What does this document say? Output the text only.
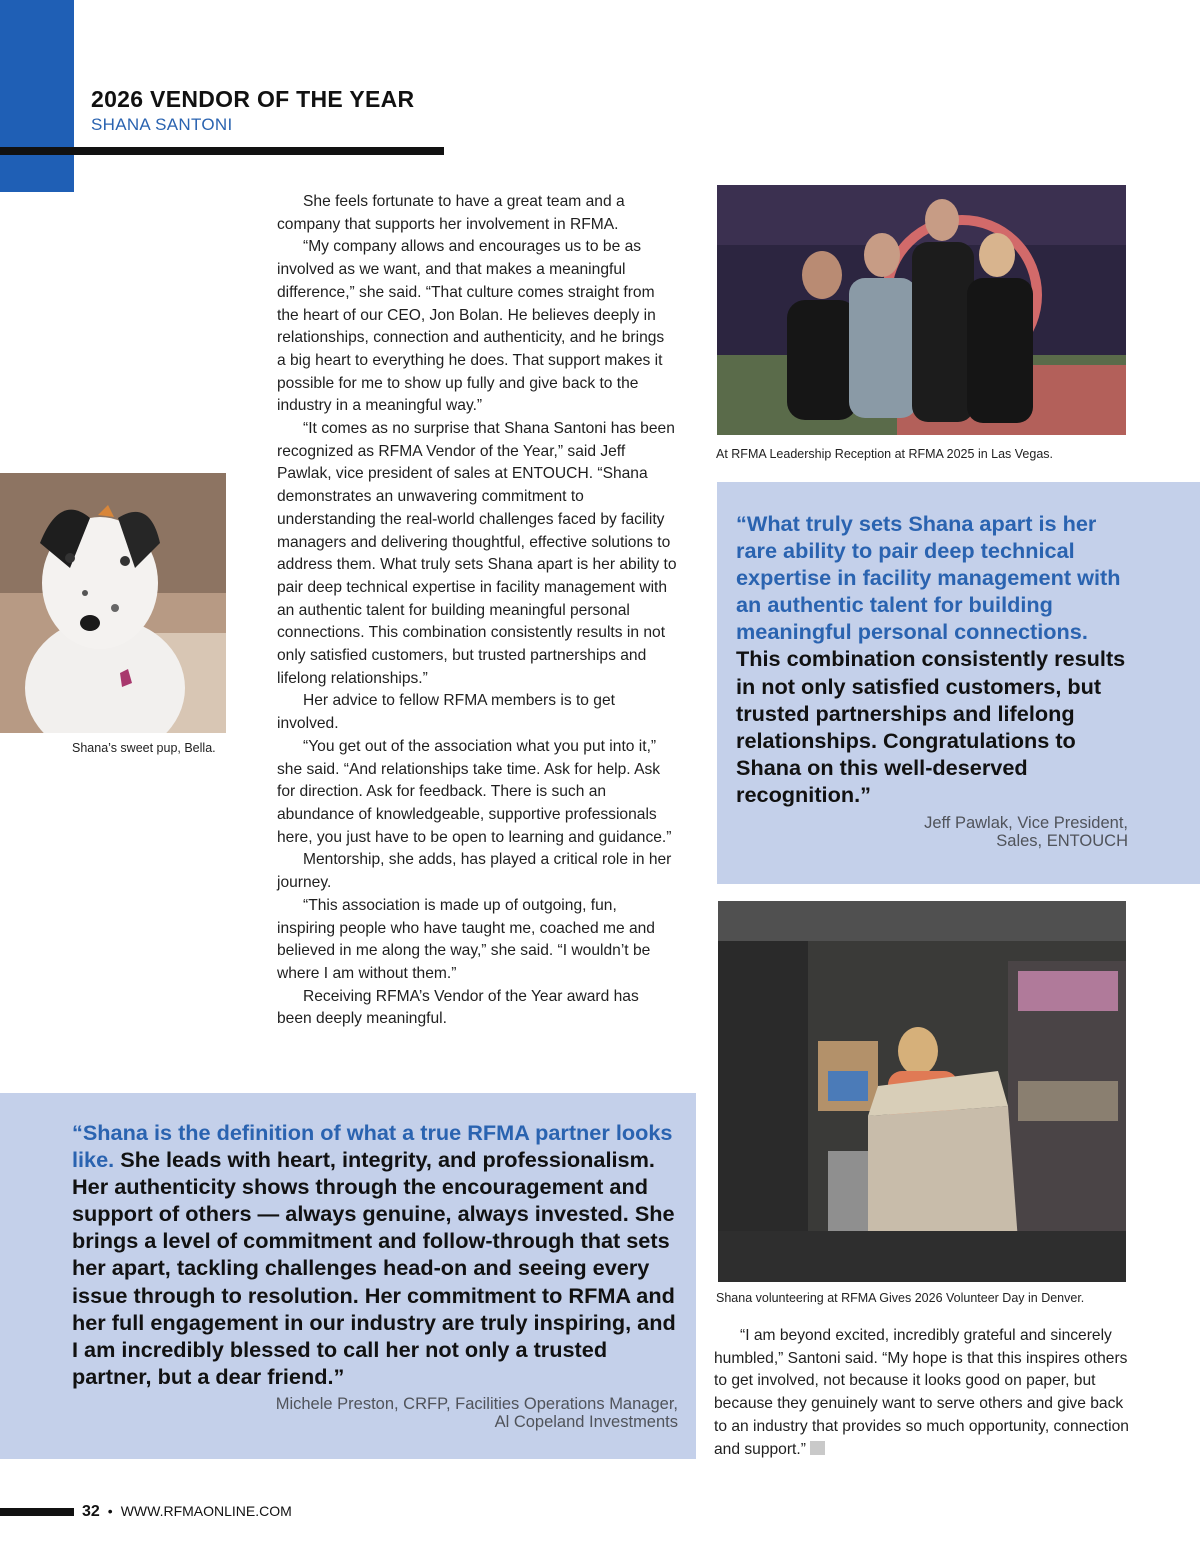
2026 VENDOR OF THE YEAR
SHANA SANTONI

She feels fortunate to have a great team and a company that supports her involvement in RFMA.

“My company allows and encourages us to be as involved as we want, and that makes a meaningful difference,” she said. “That culture comes straight from the heart of our CEO, Jon Bolan. He believes deeply in relationships, connection and authenticity, and he brings a big heart to everything he does. That support makes it possible for me to show up fully and give back to the industry in a meaningful way.”

“It comes as no surprise that Shana Santoni has been recognized as RFMA Vendor of the Year,” said Jeff Pawlak, vice president of sales at ENTOUCH. “Shana demonstrates an unwavering commitment to understanding the real-world challenges faced by facility managers and delivering thoughtful, effective solutions to address them. What truly sets Shana apart is her ability to pair deep technical expertise in facility management with an authentic talent for building meaningful personal connections. This combination consistently results in not only satisfied customers, but trusted partnerships and lifelong relationships.”

Her advice to fellow RFMA members is to get involved.

“You get out of the association what you put into it,” she said. “And relationships take time. Ask for help. Ask for direction. Ask for feedback. There is such an abundance of knowledgeable, supportive professionals here, you just have to be open to learning and guidance.”

Mentorship, she adds, has played a critical role in her journey.

“This association is made up of outgoing, fun, inspiring people who have taught me, coached me and believed in me along the way,” she said. “I wouldn’t be where I am without them.”

Receiving RFMA’s Vendor of the Year award has been deeply meaningful.

Shana’s sweet pup, Bella.
At RFMA Leadership Reception at RFMA 2025 in Las Vegas.
“What truly sets Shana apart is her rare ability to pair deep technical expertise in facility management with an authentic talent for building meaningful personal connections. This combination consistently results in not only satisfied customers, but trusted partnerships and lifelong relationships. Congratulations to Shana on this well-deserved recognition.”
Jeff Pawlak, Vice President,
Sales, ENTOUCH
Shana volunteering at RFMA Gives 2026 Volunteer Day in Denver.

“I am beyond excited, incredibly grateful and sincerely humbled,” Santoni said. “My hope is that this inspires others to get involved, not because it looks good on paper, but because they genuinely want to serve others and give back to an industry that provides so much opportunity, connection and support.”

“Shana is the definition of what a true RFMA partner looks like. She leads with heart, integrity, and professionalism. Her authenticity shows through the encouragement and support of others — always genuine, always invested. She brings a level of commitment and follow-through that sets her apart, tackling challenges head-on and seeing every issue through to resolution. Her commitment to RFMA and her full engagement in our industry are truly inspiring, and I am incredibly blessed to call her not only a trusted partner, but a dear friend.”
Michele Preston, CRFP, Facilities Operations Manager,
Al Copeland Investments
32 • WWW.RFMAONLINE.COM
